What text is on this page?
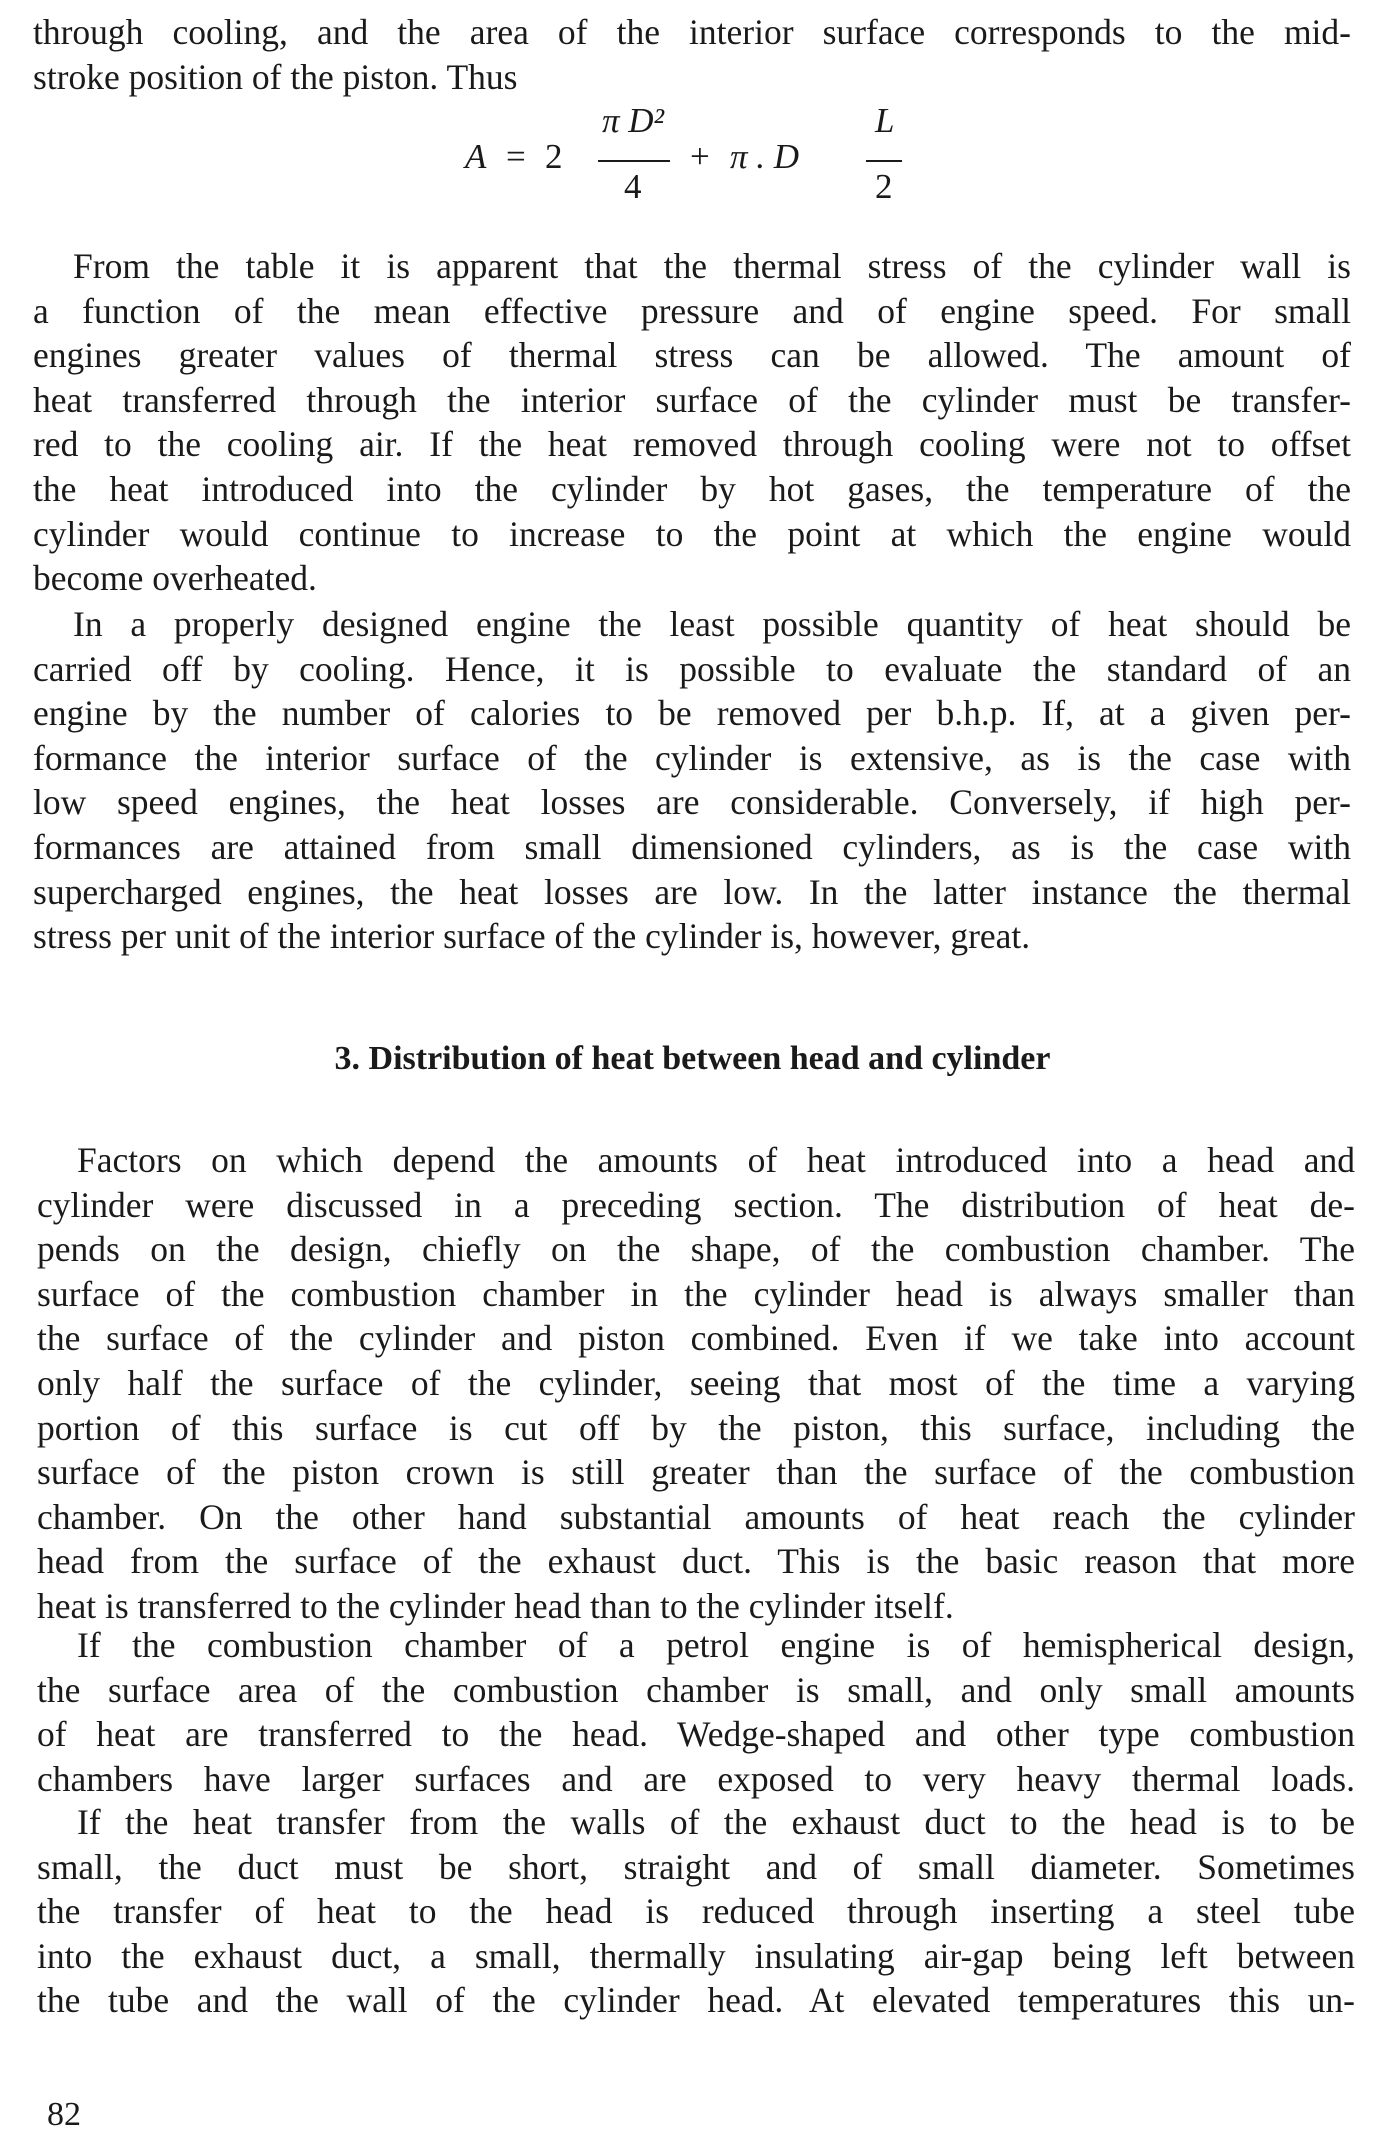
through cooling, and the area of the interior surface corresponds to the mid-
stroke position of the piston. Thus
A = 2
π D²
4
+ π . D
L
2
From the table it is apparent that the thermal stress of the cylinder wall is
a function of the mean effective pressure and of engine speed. For small
engines greater values of thermal stress can be allowed. The amount of
heat transferred through the interior surface of the cylinder must be transfer-
red to the cooling air. If the heat removed through cooling were not to offset
the heat introduced into the cylinder by hot gases, the temperature of the
cylinder would continue to increase to the point at which the engine would
become overheated.
In a properly designed engine the least possible quantity of heat should be
carried off by cooling. Hence, it is possible to evaluate the standard of an
engine by the number of calories to be removed per b.h.p. If, at a given per-
formance the interior surface of the cylinder is extensive, as is the case with
low speed engines, the heat losses are considerable. Conversely, if high per-
formances are attained from small dimensioned cylinders, as is the case with
supercharged engines, the heat losses are low. In the latter instance the thermal
stress per unit of the interior surface of the cylinder is, however, great.
3. Distribution of heat between head and cylinder
Factors on which depend the amounts of heat introduced into a head and
cylinder were discussed in a preceding section. The distribution of heat de-
pends on the design, chiefly on the shape, of the combustion chamber. The
surface of the combustion chamber in the cylinder head is always smaller than
the surface of the cylinder and piston combined. Even if we take into account
only half the surface of the cylinder, seeing that most of the time a varying
portion of this surface is cut off by the piston, this surface, including the
surface of the piston crown is still greater than the surface of the combustion
chamber. On the other hand substantial amounts of heat reach the cylinder
head from the surface of the exhaust duct. This is the basic reason that more
heat is transferred to the cylinder head than to the cylinder itself.
If the combustion chamber of a petrol engine is of hemispherical design,
the surface area of the combustion chamber is small, and only small amounts
of heat are transferred to the head. Wedge-shaped and other type combustion
chambers have larger surfaces and are exposed to very heavy thermal loads.
If the heat transfer from the walls of the exhaust duct to the head is to be
small, the duct must be short, straight and of small diameter. Sometimes
the transfer of heat to the head is reduced through inserting a steel tube
into the exhaust duct, a small, thermally insulating air-gap being left between
the tube and the wall of the cylinder head. At elevated temperatures this un-
82
